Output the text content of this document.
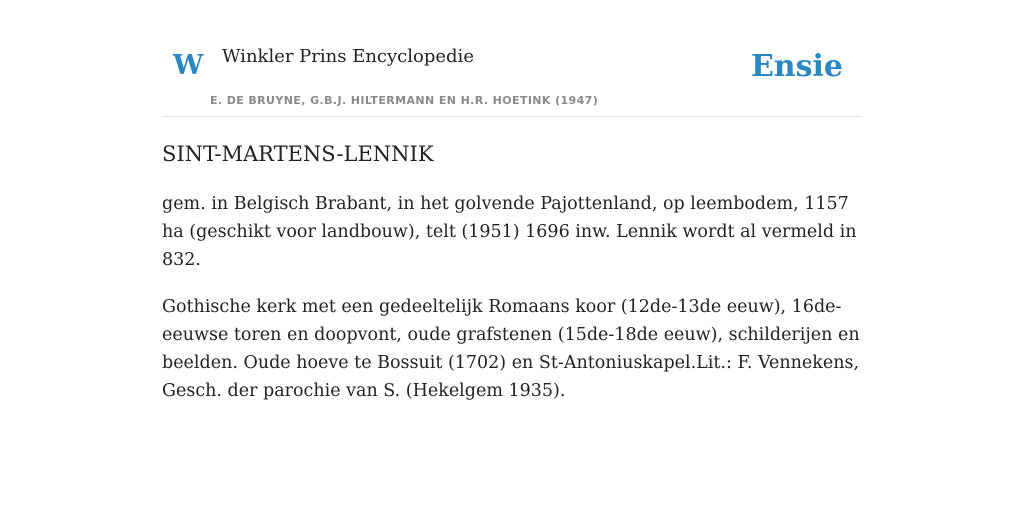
W Winkler Prins Encyclopedie
E. DE BRUYNE, G.B.J. HILTERMANN EN H.R. HOETINK (1947)
Ensie
SINT-MARTENS-LENNIK

gem. in Belgisch Brabant, in het golvende Pajottenland, op leembodem, 1157 ha (geschikt voor landbouw), telt (1951) 1696 inw. Lennik wordt al vermeld in 832.

Gothische kerk met een gedeeltelijk Romaans koor (12de-13de eeuw), 16de-eeuwse toren en doopvont, oude grafstenen (15de-18de eeuw), schilderijen en beelden. Oude hoeve te Bossuit (1702) en St-Antoniuskapel.Lit.: F. Vennekens, Gesch. der parochie van S. (Hekelgem 1935).
